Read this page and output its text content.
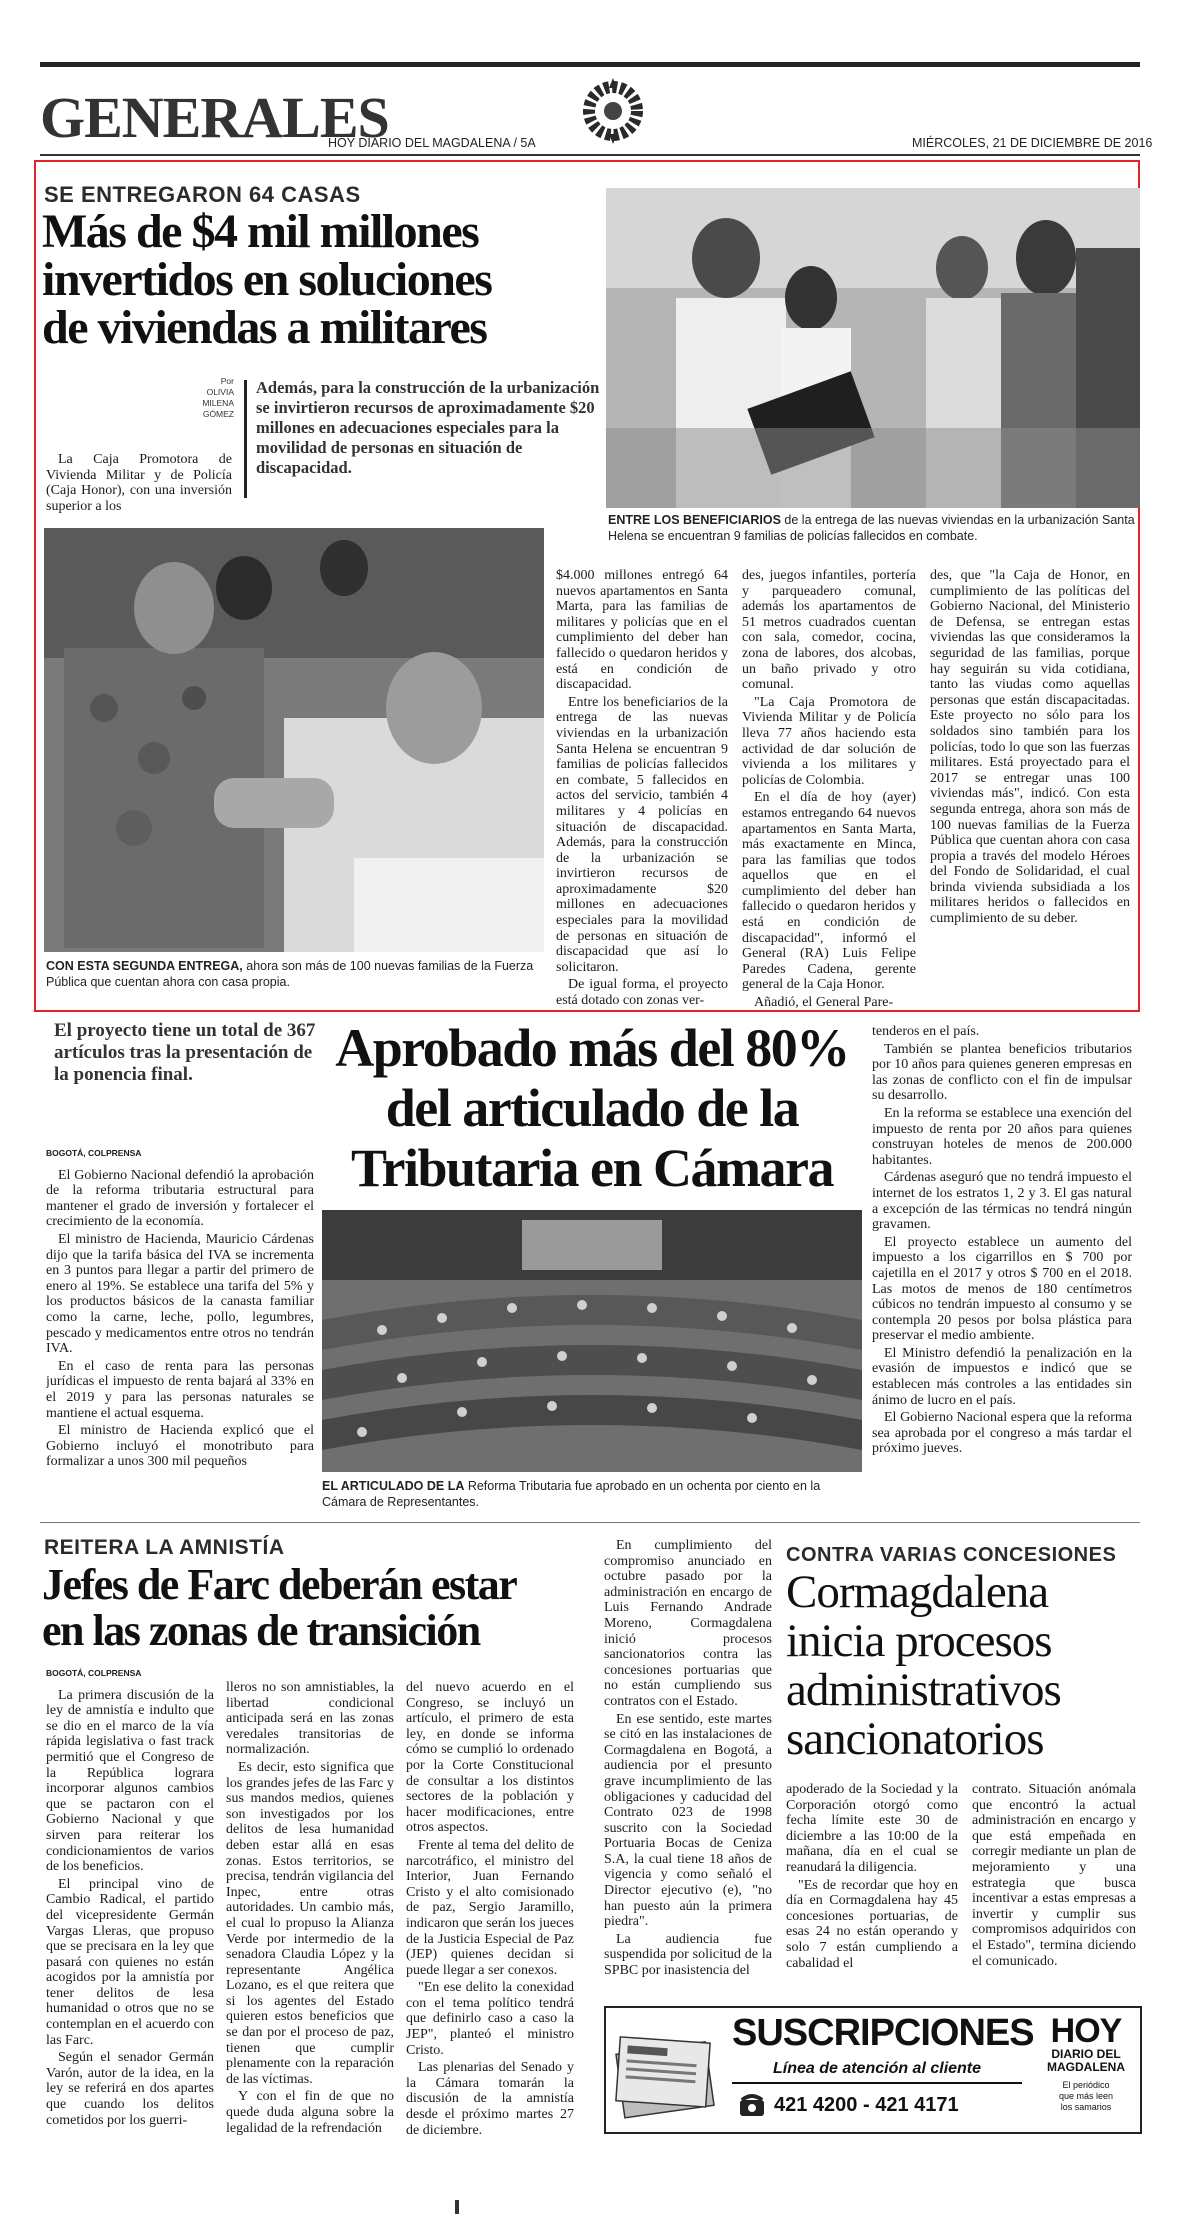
GENERALES
HOY DIARIO DEL MAGDALENA / 5A	MIÉRCOLES, 21 DE DICIEMBRE DE 2016
SE ENTREGARON 64 CASAS
Más de $4 mil millones
invertidos en soluciones
de viviendas a militares
Por
OLIVIA
MILENA
GÓMEZ
Además, para la construcción de la urbanización se invirtieron recursos de aproximadamente $20 millones en adecuaciones especiales para la movilidad de personas en situación de discapacidad.

La Caja Promotora de Vivienda Militar y de Policía (Caja Honor), con una inversión superior a los

ENTRE LOS BENEFICIARIOS de la entrega de las nuevas viviendas en la urbanización Santa Helena se encuentran 9 familias de policías fallecidos en combate.
CON ESTA SEGUNDA ENTREGA, ahora son más de 100 nuevas familias de la Fuerza Pública que cuentan ahora con casa propia.

$4.000 millones entregó 64 nuevos apartamentos en Santa Marta, para las familias de militares y policías que en el cumplimiento del deber han fallecido o quedaron heridos y está en condición de discapacidad.

Entre los beneficiarios de la entrega de las nuevas viviendas en la urbanización Santa Helena se encuentran 9 familias de policías fallecidos en combate, 5 fallecidos en actos del servicio, también 4 militares y 4 policías en situación de discapacidad. Además, para la construcción de la urbanización se invirtieron recursos de aproximadamente $20 millones en adecuaciones especiales para la movilidad de personas en situación de discapacidad que así lo solicitaron.

De igual forma, el proyecto está dotado con zonas ver-

des, juegos infantiles, portería y parqueadero comunal, además los apartamentos de 51 metros cuadrados cuentan con sala, comedor, cocina, zona de labores, dos alcobas, un baño privado y otro comunal.

"La Caja Promotora de Vivienda Militar y de Policía lleva 77 años haciendo esta actividad de dar solución de vivienda a los militares y policías de Colombia.

En el día de hoy (ayer) estamos entregando 64 nuevos apartamentos en Santa Marta, más exactamente en Minca, para las familias que todos aquellos que en el cumplimiento del deber han fallecido o quedaron heridos y está en condición de discapacidad", informó el General (RA) Luis Felipe Paredes Cadena, gerente general de la Caja Honor.

Añadió, el General Pare-

des, que "la Caja de Honor, en cumplimiento de las políticas del Gobierno Nacional, del Ministerio de Defensa, se entregan estas viviendas las que consideramos la seguridad de las familias, porque hay seguirán su vida cotidiana, tanto las viudas como aquellas personas que están discapacitadas. Este proyecto no sólo para los soldados sino también para los policías, todo lo que son las fuerzas militares. Está proyectado para el 2017 se entregar unas 100 viviendas más", indicó. Con esta segunda entrega, ahora son más de 100 nuevas familias de la Fuerza Pública que cuentan ahora con casa propia a través del modelo Héroes del Fondo de Solidaridad, el cual brinda vivienda subsidiada a los militares heridos o fallecidos en cumplimiento de su deber.

El proyecto tiene un total de 367 artículos tras la presentación de la ponencia final.

BOGOTÁ, COLPRENSA

El Gobierno Nacional defendió la aprobación de la reforma tributaria estructural para mantener el grado de inversión y fortalecer el crecimiento de la economía.

El ministro de Hacienda, Mauricio Cárdenas dijo que la tarifa básica del IVA se incrementa en 3 puntos para llegar a partir del primero de enero al 19%. Se establece una tarifa del 5% y los productos básicos de la canasta familiar como la carne, leche, pollo, legumbres, pescado y medicamentos entre otros no tendrán IVA.

En el caso de renta para las personas jurídicas el impuesto de renta bajará al 33% en el 2019 y para las personas naturales se mantiene el actual esquema.

El ministro de Hacienda explicó que el Gobierno incluyó el monotributo para formalizar a unos 300 mil pequeños

Aprobado más del 80%
del articulado de la
Tributaria en Cámara
EL ARTICULADO DE LA Reforma Tributaria fue aprobado en un ochenta por ciento en la Cámara de Representantes.

tenderos en el país.

También se plantea beneficios tributarios por 10 años para quienes generen empresas en las zonas de conflicto con el fin de impulsar su desarrollo.

En la reforma se establece una exención del impuesto de renta por 20 años para quienes construyan hoteles de menos de 200.000 habitantes.

Cárdenas aseguró que no tendrá impuesto el internet de los estratos 1, 2 y 3. El gas natural a excepción de las térmicas no tendrá ningún gravamen.

El proyecto establece un aumento del impuesto a los cigarrillos en $ 700 por cajetilla en el 2017 y otros $ 700 en el 2018. Las motos de menos de 180 centímetros cúbicos no tendrán impuesto al consumo y se contempla 20 pesos por bolsa plástica para preservar el medio ambiente.

El Ministro defendió la penalización en la evasión de impuestos e indicó que se establecen más controles a las entidades sin ánimo de lucro en el país.

El Gobierno Nacional espera que la reforma sea aprobada por el congreso a más tardar el próximo jueves.

REITERA LA AMNISTÍA
Jefes de Farc deberán estar
en las zonas de transición

BOGOTÁ, COLPRENSA

La primera discusión de la ley de amnistía e indulto que se dio en el marco de la vía rápida legislativa o fast track permitió que el Congreso de la República lograra incorporar algunos cambios que se pactaron con el Gobierno Nacional y que sirven para reiterar los condicionamientos de varios de los beneficios.

El principal vino de Cambio Radical, el partido del vicepresidente Germán Vargas Lleras, que propuso que se precisara en la ley que pasará con quienes no están acogidos por la amnistía por tener delitos de lesa humanidad o otros que no se contemplan en el acuerdo con las Farc.

Según el senador Germán Varón, autor de la idea, en la ley se referirá en dos apartes que cuando los delitos cometidos por los guerri-

lleros no son amnistiables, la libertad condicional anticipada será en las zonas veredales transitorias de normalización.

Es decir, esto significa que los grandes jefes de las Farc y sus mandos medios, quienes son investigados por los delitos de lesa humanidad deben estar allá en esas zonas. Estos territorios, se precisa, tendrán vigilancia del Inpec, entre otras autoridades. Un cambio más, el cual lo propuso la Alianza Verde por intermedio de la senadora Claudia López y la representante Angélica Lozano, es el que reitera que si los agentes del Estado quieren estos beneficios que se dan por el proceso de paz, tienen que cumplir plenamente con la reparación de las víctimas.

Y con el fin de que no quede duda alguna sobre la legalidad de la refrendación

del nuevo acuerdo en el Congreso, se incluyó un artículo, el primero de esta ley, en donde se informa cómo se cumplió lo ordenado por la Corte Constitucional de consultar a los distintos sectores de la población y hacer modificaciones, entre otros aspectos.

Frente al tema del delito de narcotráfico, el ministro del Interior, Juan Fernando Cristo y el alto comisionado de paz, Sergio Jaramillo, indicaron que serán los jueces de la Justicia Especial de Paz (JEP) quienes decidan si puede llegar a ser conexos.

"En ese delito la conexidad con el tema político tendrá que definirlo caso a caso la JEP", planteó el ministro Cristo.

Las plenarias del Senado y la Cámara tomarán la discusión de la amnistía desde el próximo martes 27 de diciembre.

En cumplimiento del compromiso anunciado en octubre pasado por la administración en encargo de Luis Fernando Andrade Moreno, Cormagdalena inició procesos sancionatorios contra las concesiones portuarias que no están cumpliendo sus contratos con el Estado.

En ese sentido, este martes se citó en las instalaciones de Cormagdalena en Bogotá, a audiencia por el presunto grave incumplimiento de las obligaciones y caducidad del Contrato 023 de 1998 suscrito con la Sociedad Portuaria Bocas de Ceniza S.A, la cual tiene 18 años de vigencia y como señaló el Director ejecutivo (e), "no han puesto aún la primera piedra".

La audiencia fue suspendida por solicitud de la SPBC por inasistencia del

CONTRA VARIAS CONCESIONES
Cormagdalena
inicia procesos
administrativos
sancionatorios

apoderado de la Sociedad y la Corporación otorgó como fecha límite este 30 de diciembre a las 10:00 de la mañana, día en el cual se reanudará la diligencia.

"Es de recordar que hoy en día en Cormagdalena hay 45 concesiones portuarias, de esas 24 no están operando y solo 7 están cumpliendo a cabalidad el

contrato. Situación anómala que encontró la actual administración en encargo y que está empeñada en corregir mediante un plan de mejoramiento y una estrategia que busca incentivar a estas empresas a invertir y cumplir sus compromisos adquiridos con el Estado", termina diciendo el comunicado.

SUSCRIPCIONES
Línea de atención al cliente
421 4200 - 421 4171
HOY
DIARIO DEL
MAGDALENA
El periódico
que más leen
los samarios
